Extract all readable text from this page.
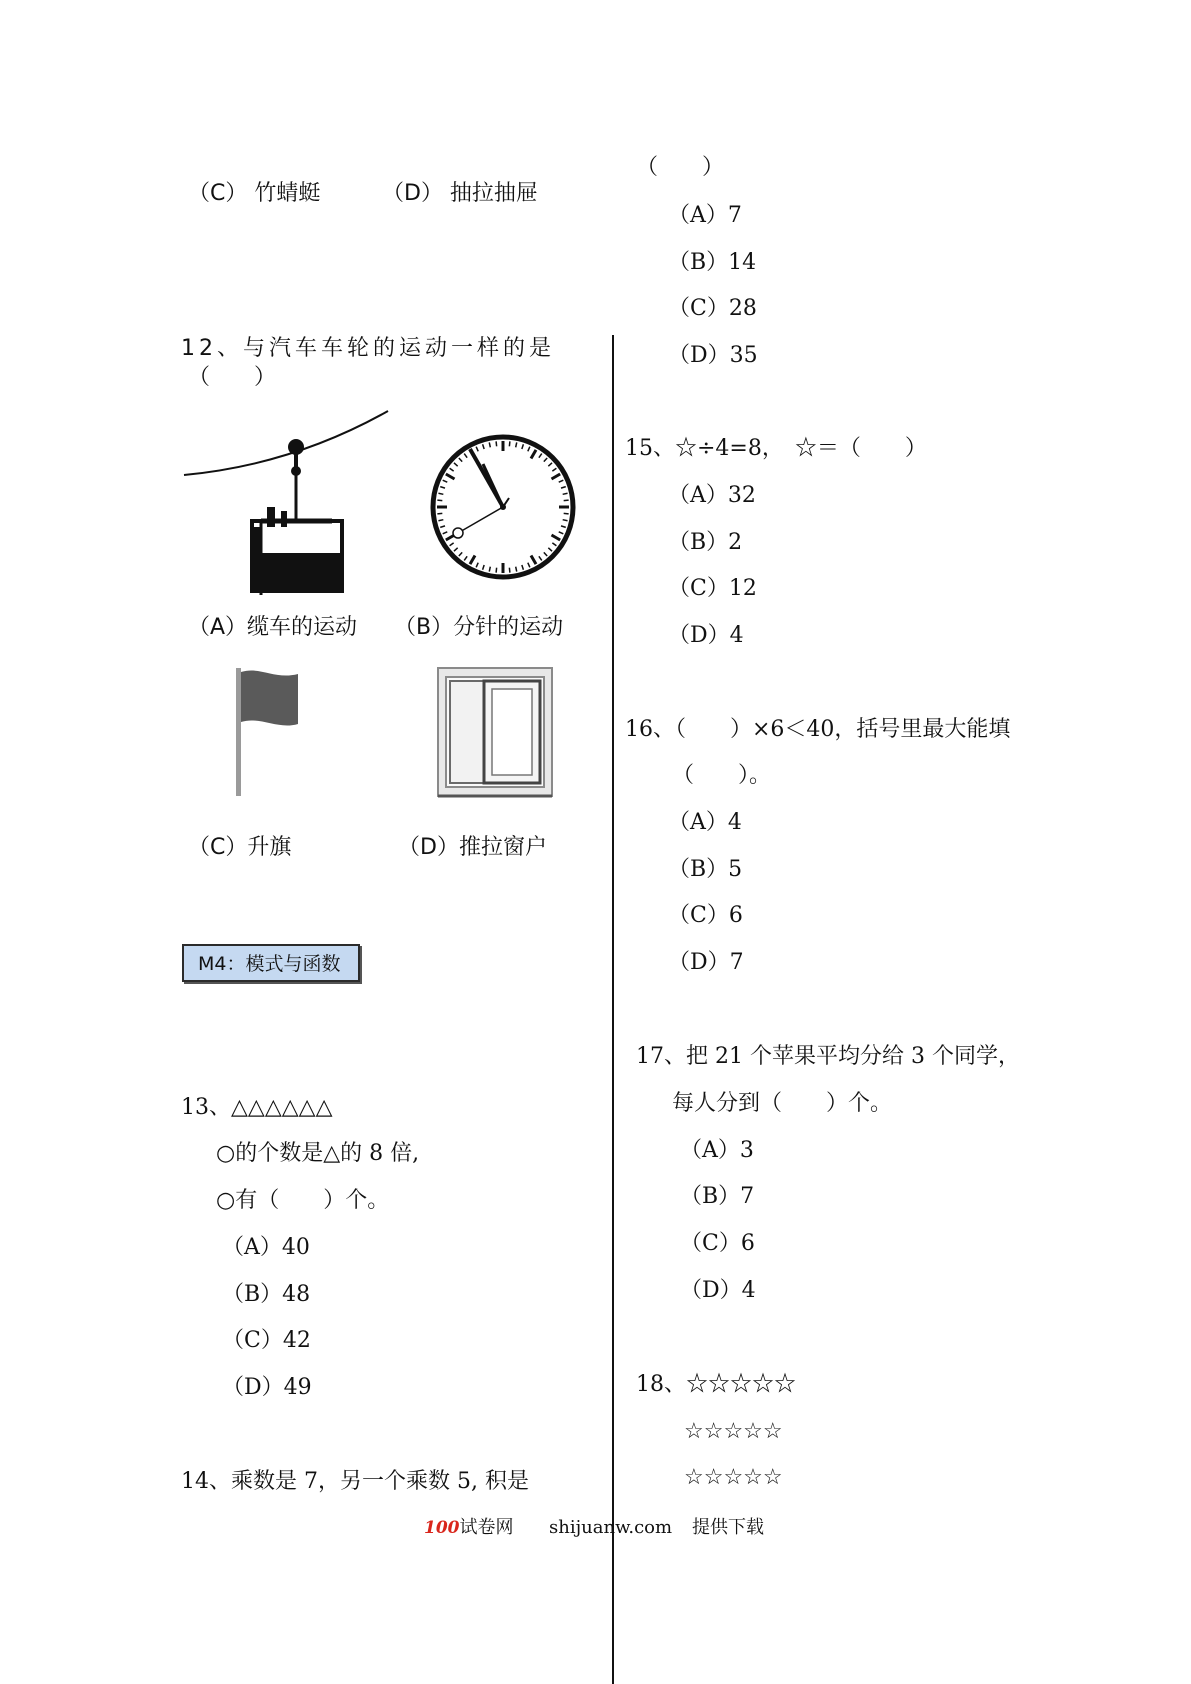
（C） 竹蜻蜓	（D） 抽拉抽屉
12、与汽车车轮的运动一样的是
（　　）
（A）缆车的运动 （B）分针的运动
（C）升旗	（D）推拉窗户
M4：模式与函数
13、△△△△△△
○的个数是△的 8 倍,
○有（　　）个。
（A）40
（B）48
（C）42
（D）49
14、乘数是 7，另一个乘数 5, 积是
（　　）
（A）7
（B）14
（C）28
（D）35
15、☆÷4=8，　☆＝（　　）
（A）32
（B）2
（C）12
（D）4
16、（　　）×6＜40，括号里最大能填
（　　）。
（A）4
（B）5
（C）6
（D）7
17、把 21 个苹果平均分给 3 个同学，
每人分到（　　）个。
（A）3
（B）7
（C）6
（D）4
18、☆☆☆☆☆
☆☆☆☆☆
☆☆☆☆☆
100试卷网 shijuanw.com 提供下载
